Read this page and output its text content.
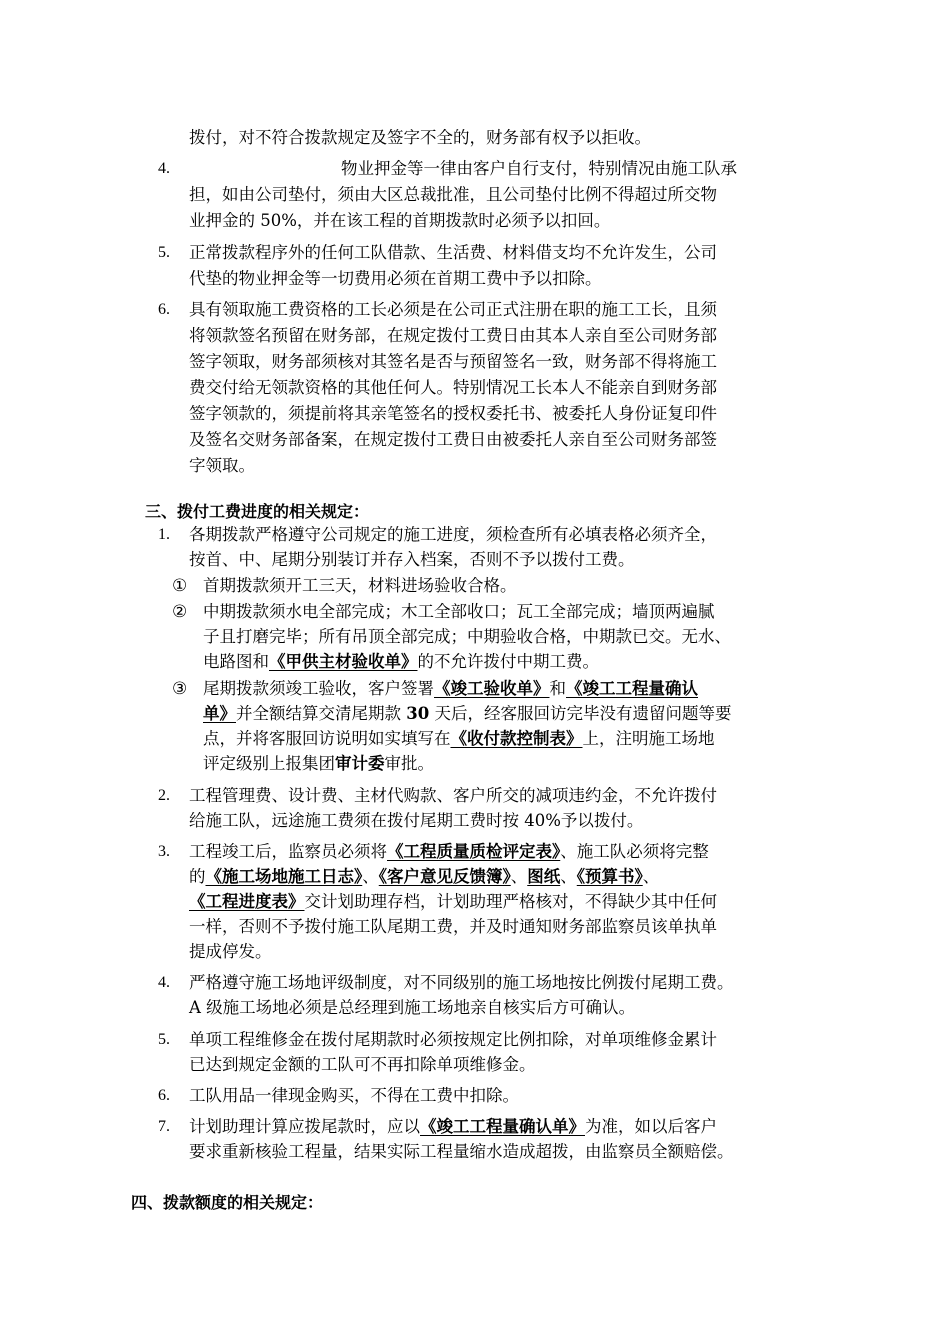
拨付，对不符合拨款规定及签字不全的，财务部有权予以拒收。
4.	物业押金等一律由客户自行支付，特别情况由施工队承
担，如由公司垫付，须由大区总裁批准，且公司垫付比例不得超过所交物
业押金的 50%，并在该工程的首期拨款时必须予以扣回。
5. 正常拨款程序外的任何工队借款、生活费、材料借支均不允许发生，公司
代垫的物业押金等一切费用必须在首期工费中予以扣除。
6. 具有领取施工费资格的工长必须是在公司正式注册在职的施工工长，且须
将领款签名预留在财务部，在规定拨付工费日由其本人亲自至公司财务部
签字领取，财务部须核对其签名是否与预留签名一致，财务部不得将施工
费交付给无领款资格的其他任何人。特别情况工长本人不能亲自到财务部
签字领款的，须提前将其亲笔签名的授权委托书、被委托人身份证复印件
及签名交财务部备案，在规定拨付工费日由被委托人亲自至公司财务部签
字领取。
三、拨付工费进度的相关规定：
1. 各期拨款严格遵守公司规定的施工进度，须检查所有必填表格必须齐全，
按首、中、尾期分别装订并存入档案，否则不予以拨付工费。
① 首期拨款须开工三天，材料进场验收合格。
② 中期拨款须水电全部完成；木工全部收口；瓦工全部完成；墙顶两遍腻
子且打磨完毕；所有吊顶全部完成；中期验收合格，中期款已交。无水、
电路图和《甲供主材验收单》的不允许拨付中期工费。
③ 尾期拨款须竣工验收，客户签署《竣工验收单》和《竣工工程量确认
单》并全额结算交清尾期款 30 天后，经客服回访完毕没有遗留问题等要
点，并将客服回访说明如实填写在《收付款控制表》上，注明施工场地
评定级别上报集团审计委审批。
2. 工程管理费、设计费、主材代购款、客户所交的减项违约金，不允许拨付
给施工队，远途施工费须在拨付尾期工费时按 40%予以拨付。
3. 工程竣工后，监察员必须将《工程质量质检评定表》、施工队必须将完整
的《施工场地施工日志》、《客户意见反馈簿》、图纸、《预算书》、
《工程进度表》交计划助理存档，计划助理严格核对，不得缺少其中任何
一样，否则不予拨付施工队尾期工费，并及时通知财务部监察员该单执单
提成停发。
4. 严格遵守施工场地评级制度，对不同级别的施工场地按比例拨付尾期工费。
A 级施工场地必须是总经理到施工场地亲自核实后方可确认。
5. 单项工程维修金在拨付尾期款时必须按规定比例扣除，对单项维修金累计
已达到规定金额的工队可不再扣除单项维修金。
6. 工队用品一律现金购买，不得在工费中扣除。
7. 计划助理计算应拨尾款时，应以《竣工工程量确认单》为准，如以后客户
要求重新核验工程量，结果实际工程量缩水造成超拨，由监察员全额赔偿。
四、拨款额度的相关规定：
